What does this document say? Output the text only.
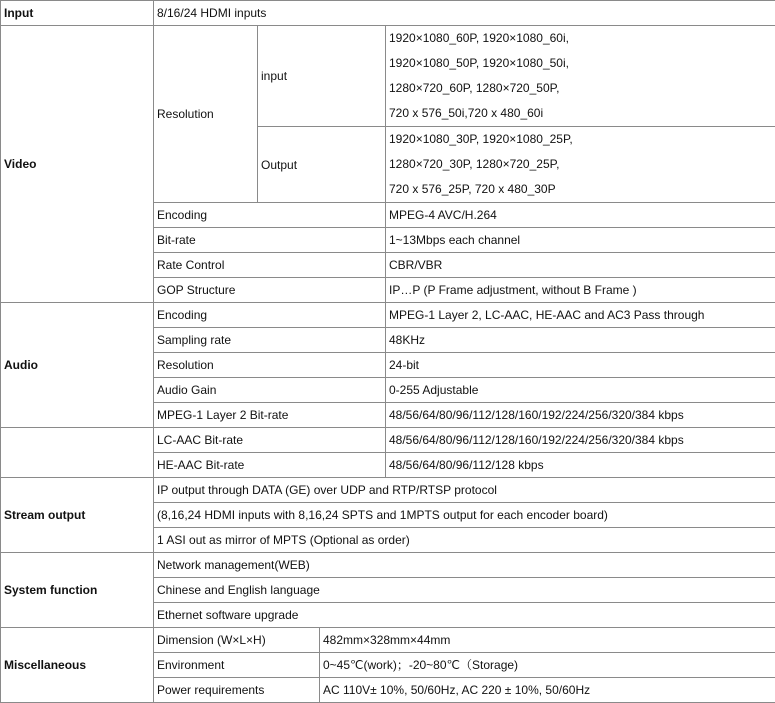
Input	8/16/24 HDMI inputs			
Video	Resolution	input		1920×1080_60P, 1920×1080_60i,
1920×1080_50P, 1920×1080_50i,
1280×720_60P, 1280×720_50P,
720 x 576_50i,720 x 480_60i

		Output		1920×1080_30P, 1920×1080_25P,
1280×720_30P, 1280×720_25P,
720 x 576_25P, 720 x 480_30P

	Encoding			MPEG-4 AVC/H.264
	Bit-rate			1~13Mbps each channel
	Rate Control			CBR/VBR
	GOP Structure			IP…P (P Frame adjustment, without B Frame )
Audio	Encoding			MPEG-1 Layer 2, LC-AAC, HE-AAC and AC3 Pass through
	Sampling rate			48KHz
	Resolution			24-bit
	Audio Gain			0-255 Adjustable
	MPEG-1 Layer 2 Bit-rate			48/56/64/80/96/112/128/160/192/224/256/320/384 kbps
	LC-AAC Bit-rate			48/56/64/80/96/112/128/160/192/224/256/320/384 kbps
	HE-AAC Bit-rate			48/56/64/80/96/112/128 kbps
Stream output	IP output through DATA (GE) over UDP and RTP/RTSP protocol			
	(8,16,24 HDMI inputs with 8,16,24 SPTS and 1MPTS output for each encoder board)			
	1 ASI out as mirror of MPTS (Optional as order)			
System function	Network management(WEB)			
	Chinese and English language			
	Ethernet software upgrade			
Miscellaneous	Dimension (W×L×H)		482mm×328mm×44mm	
	Environment		0~45℃(work)；-20~80℃（Storage)	
	Power requirements		AC 110V± 10%, 50/60Hz, AC 220 ± 10%, 50/60Hz	
